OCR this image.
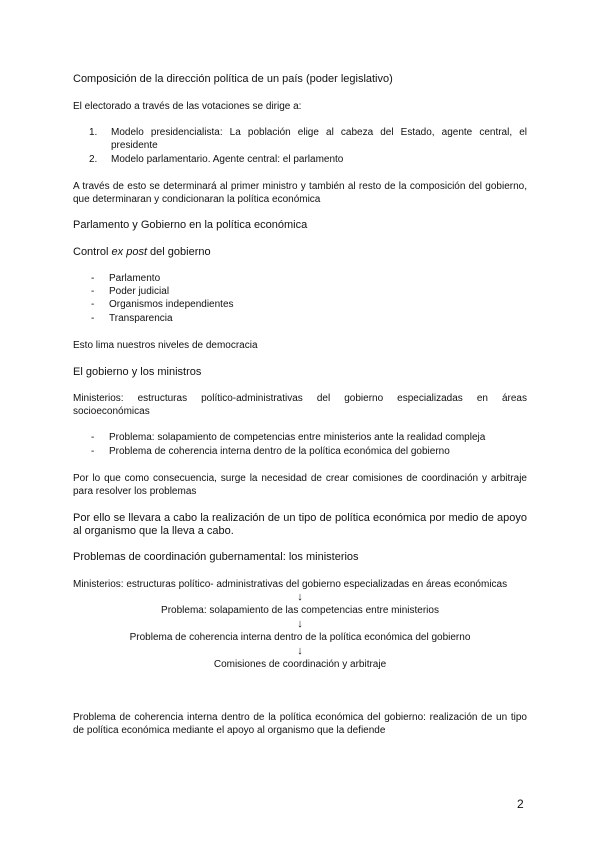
Composición de la dirección política de un país (poder legislativo)

El electorado a través de las votaciones se dirige a:

1. Modelo presidencialista: La población elige al cabeza del Estado, agente central, el presidente
2. Modelo parlamentario. Agente central: el parlamento

A través de esto se determinará al primer ministro y también al resto de la composición del gobierno, que determinaran y condicionaran la política económica

Parlamento y Gobierno en la política económica

Control ex post del gobierno

- Parlamento
- Poder judicial
- Organismos independientes
- Transparencia

Esto lima nuestros niveles de democracia

El gobierno y los ministros

Ministerios: estructuras político-administrativas del gobierno especializadas en áreas socioeconómicas

- Problema: solapamiento de competencias entre ministerios ante la realidad compleja
- Problema de coherencia interna dentro de la política económica del gobierno

Por lo que como consecuencia, surge la necesidad de crear comisiones de coordinación y arbitraje para resolver los problemas

Por ello se llevara a cabo la realización de un tipo de política económica por medio de apoyo al organismo que la lleva a cabo.

Problemas de coordinación gubernamental: los ministerios

Ministerios: estructuras político- administrativas del gobierno especializadas en áreas económicas

↓
Problema: solapamiento de las competencias entre ministerios
↓
Problema de coherencia interna dentro de la política económica del gobierno
↓
Comisiones de coordinación y arbitraje

Problema de coherencia interna dentro de la política económica del gobierno: realización de un tipo de política económica mediante el apoyo al organismo que la defiende

2
